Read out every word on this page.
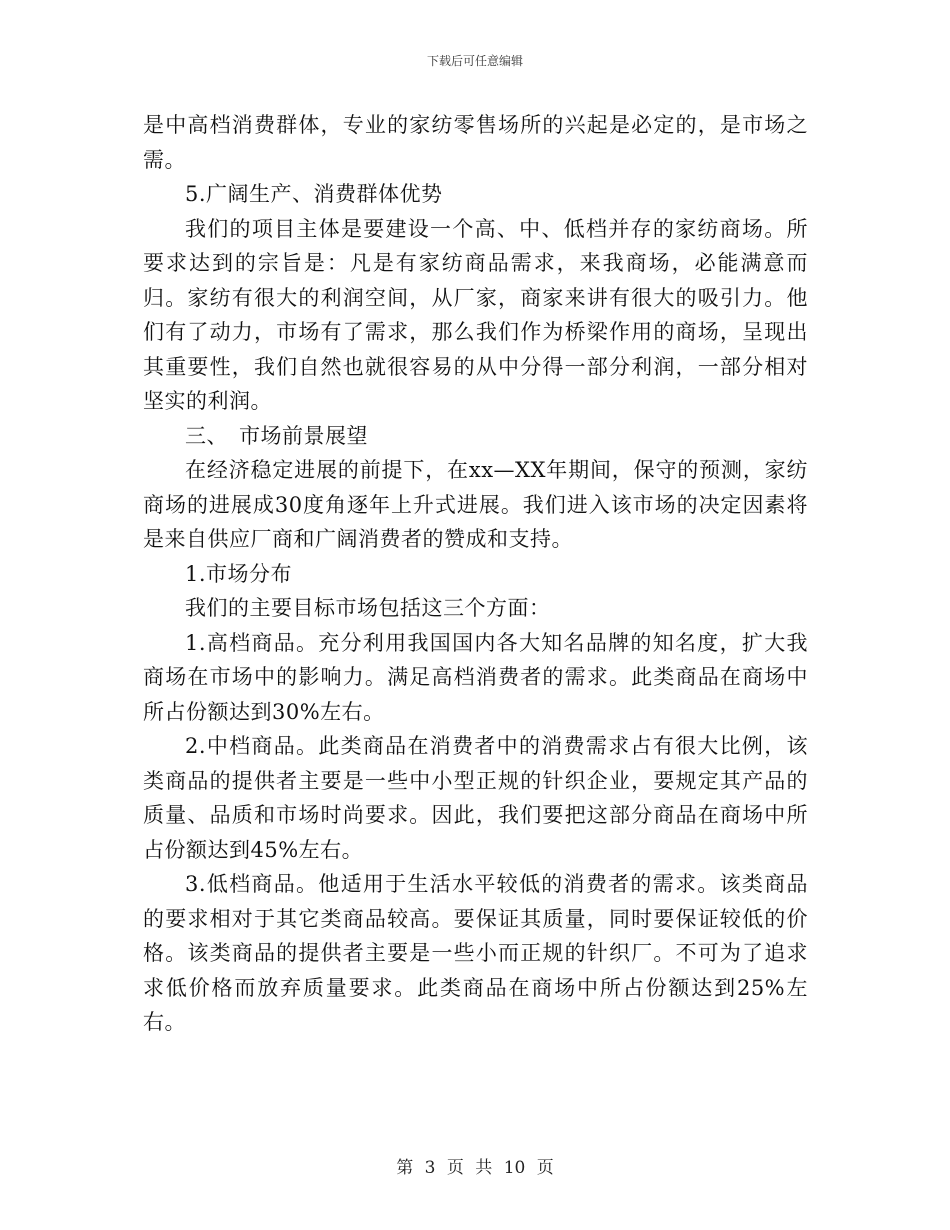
下载后可任意编辑

是中高档消费群体，专业的家纺零售场所的兴起是必定的，是市场之需。

5.广阔生产、消费群体优势

我们的项目主体是要建设一个高、中、低档并存的家纺商场。所要求达到的宗旨是：凡是有家纺商品需求，来我商场，必能满意而归。家纺有很大的利润空间，从厂家，商家来讲有很大的吸引力。他们有了动力，市场有了需求，那么我们作为桥梁作用的商场，呈现出其重要性，我们自然也就很容易的从中分得一部分利润，一部分相对坚实的利润。

三、　市场前景展望

在经济稳定进展的前提下，在xx—XX年期间，保守的预测，家纺商场的进展成30度角逐年上升式进展。我们进入该市场的决定因素将是来自供应厂商和广阔消费者的赞成和支持。

1.市场分布

我们的主要目标市场包括这三个方面：

1.高档商品。充分利用我国国内各大知名品牌的知名度，扩大我商场在市场中的影响力。满足高档消费者的需求。此类商品在商场中所占份额达到30%左右。

2.中档商品。此类商品在消费者中的消费需求占有很大比例，该类商品的提供者主要是一些中小型正规的针织企业，要规定其产品的质量、品质和市场时尚要求。因此，我们要把这部分商品在商场中所占份额达到45%左右。

3.低档商品。他适用于生活水平较低的消费者的需求。该类商品的要求相对于其它类商品较高。要保证其质量，同时要保证较低的价格。该类商品的提供者主要是一些小而正规的针织厂。不可为了追求求低价格而放弃质量要求。此类商品在商场中所占份额达到25%左右。

第 3 页 共 10 页
